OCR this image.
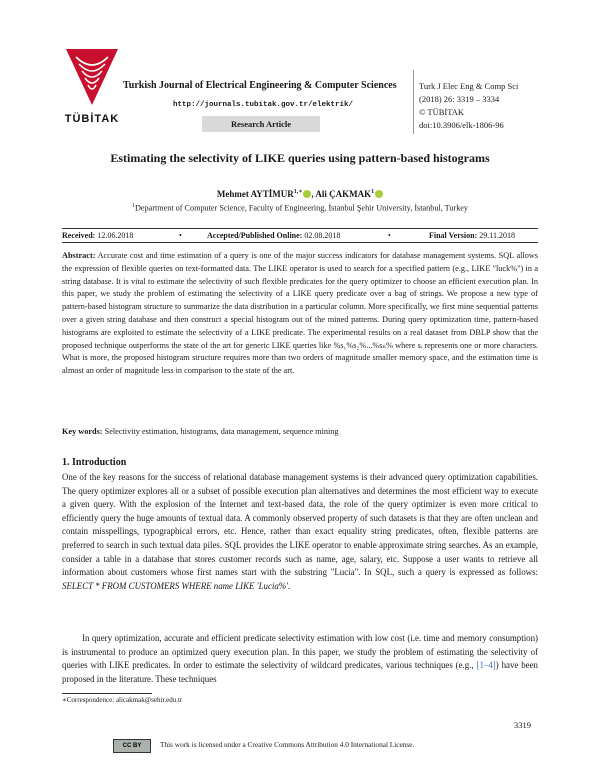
TÜBİTAK
Turkish Journal of Electrical Engineering & Computer Sciences
http://journals.tubitak.gov.tr/elektrik/
Research Article
Turk J Elec Eng & Comp Sci
(2018) 26: 3319 – 3334
© TÜBİTAK
doi:10.3906/elk-1806-96
Estimating the selectivity of LIKE queries using pattern-based histograms
Mehmet $AYTİMUR^{1,∗}$ , Ali ÇAKMAK$^1$
$^1$Department of Computer Science, Faculty of Engineering, İstanbul Şehir University, İstanbul, Turkey
Received: 12.06.2018	•	Accepted/Published Online: 02.08.2018	•	Final Version: 29.11.2018
Abstract: Accurate cost and time estimation of a query is one of the major success indicators for database management systems. SQL allows the expression of flexible queries on text-formatted data. The LIKE operator is used to search for a specified pattern (e.g., LIKE "luck%") in a string database. It is vital to estimate the selectivity of such flexible predicates for the query optimizer to choose an efficient execution plan. In this paper, we study the problem of estimating the selectivity of a LIKE query predicate over a bag of strings. We propose a new type of pattern-based histogram structure to summarize the data distribution in a particular column. More specifically, we first mine sequential patterns over a given string database and then construct a special histogram out of the mined patterns. During query optimization time, pattern-based histograms are exploited to estimate the selectivity of a LIKE predicate. The experimental results on a real dataset from DBLP show that the proposed technique outperforms the state of the art for generic LIKE queries like %s₁%s₂%...%sₙ% where sᵢ represents one or more characters. What is more, the proposed histogram structure requires more than two orders of magnitude smaller memory space, and the estimation time is almost an order of magnitude less in comparison to the state of the art.
Key words: Selectivity estimation, histograms, data management, sequence mining
1. Introduction
One of the key reasons for the success of relational database management systems is their advanced query optimization capabilities. The query optimizer explores all or a subset of possible execution plan alternatives and determines the most efficient way to execute a given query. With the explosion of the Internet and text-based data, the role of the query optimizer is even more critical to efficiently query the huge amounts of textual data. A commonly observed property of such datasets is that they are often unclean and contain misspellings, typographical errors, etc. Hence, rather than exact equality string predicates, often, flexible patterns are preferred to search in such textual data piles. SQL provides the LIKE operator to enable approximate string searches. As an example, consider a table in a database that stores customer records such as name, age, salary, etc. Suppose a user wants to retrieve all information about customers whose first names start with the substring "Lucia". In SQL, such a query is expressed as follows: SELECT * FROM CUSTOMERS WHERE name LIKE 'Lucia%'.
In query optimization, accurate and efficient predicate selectivity estimation with low cost (i.e. time and memory consumption) is instrumental to produce an optimized query execution plan. In this paper, we study the problem of estimating the selectivity of queries with LIKE predicates. In order to estimate the selectivity of wildcard predicates, various techniques (e.g., [1–4]) have been proposed in the literature. These techniques
∗Correspondence: alicakmak@sehir.edu.tr
3319
CC BY	This work is licensed under a Creative Commons Attribution 4.0 International License.
